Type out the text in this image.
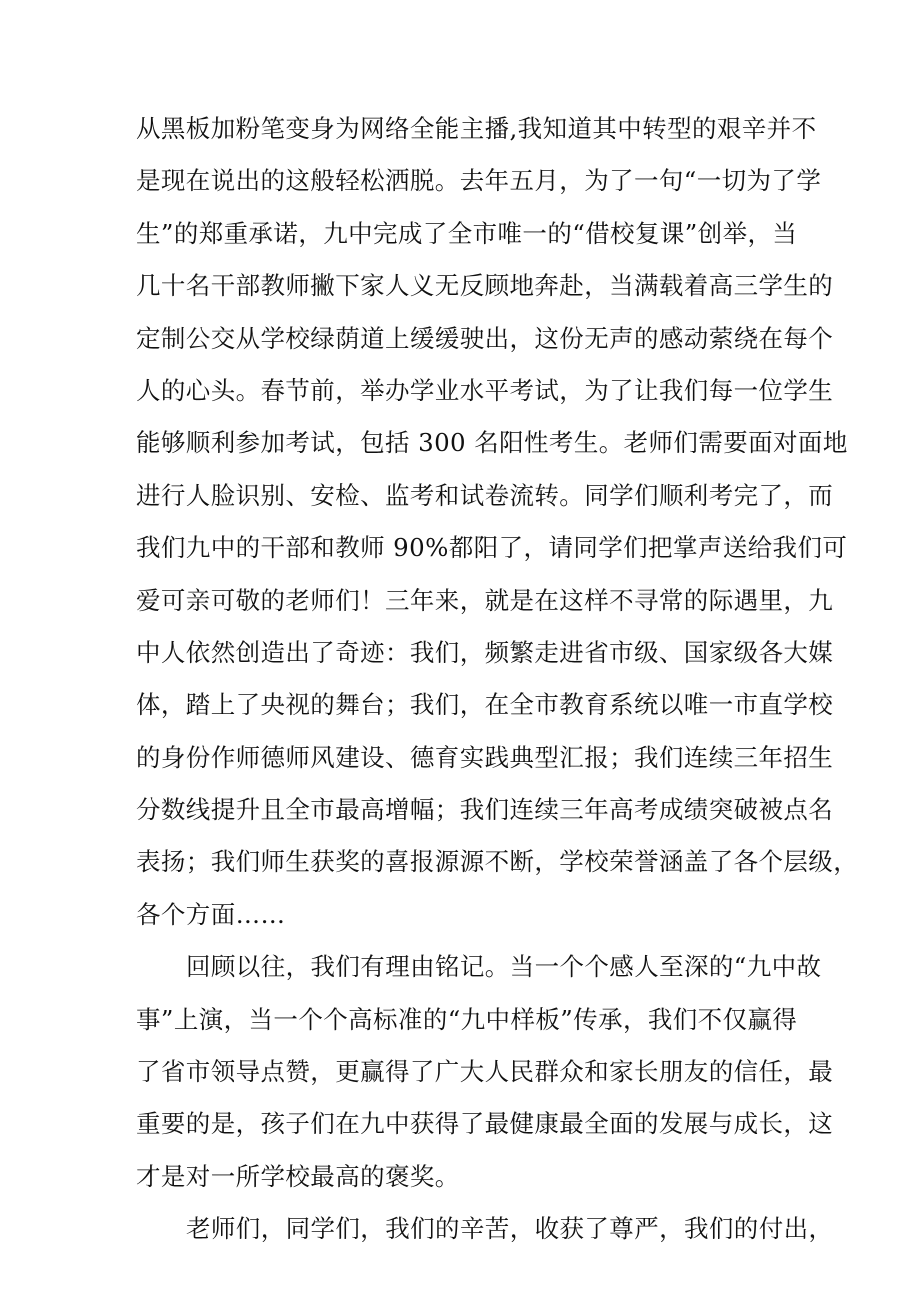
从黑板加粉笔变身为网络全能主播,我知道其中转型的艰辛并不
是现在说出的这般轻松洒脱。去年五月，为了一句“一切为了学
生”的郑重承诺，九中完成了全市唯一的“借校复课”创举，当
几十名干部教师撇下家人义无反顾地奔赴，当满载着高三学生的
定制公交从学校绿荫道上缓缓驶出，这份无声的感动萦绕在每个
人的心头。春节前，举办学业水平考试，为了让我们每一位学生
能够顺利参加考试，包括 300 名阳性考生。老师们需要面对面地
进行人脸识别、安检、监考和试卷流转。同学们顺利考完了，而
我们九中的干部和教师 90%都阳了，请同学们把掌声送给我们可
爱可亲可敬的老师们！三年来，就是在这样不寻常的际遇里，九
中人依然创造出了奇迹：我们，频繁走进省市级、国家级各大媒
体，踏上了央视的舞台；我们，在全市教育系统以唯一市直学校
的身份作师德师风建设、德育实践典型汇报；我们连续三年招生
分数线提升且全市最高增幅；我们连续三年高考成绩突破被点名
表扬；我们师生获奖的喜报源源不断，学校荣誉涵盖了各个层级，
各个方面……
回顾以往，我们有理由铭记。当一个个感人至深的“九中故
事”上演，当一个个高标准的“九中样板”传承，我们不仅赢得
了省市领导点赞，更赢得了广大人民群众和家长朋友的信任，最
重要的是，孩子们在九中获得了最健康最全面的发展与成长，这
才是对一所学校最高的褒奖。
老师们，同学们，我们的辛苦，收获了尊严，我们的付出，
